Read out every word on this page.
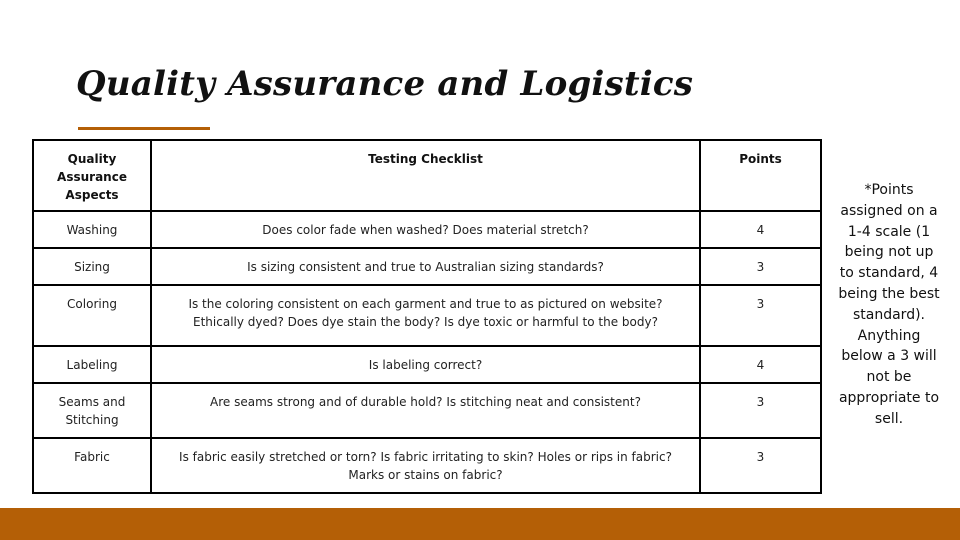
Quality Assurance and Logistics
Quality Assurance Aspects	Testing Checklist	Points
Washing	Does color fade when washed? Does material stretch?	4
Sizing	Is sizing consistent and true to Australian sizing standards?	3
Coloring	Is the coloring consistent on each garment and true to as pictured on website? Ethically dyed? Does dye stain the body? Is dye toxic or harmful to the body?	3
Labeling	Is labeling correct?	4
Seams and Stitching	Are seams strong and of durable hold? Is stitching neat and consistent?	3
Fabric	Is fabric easily stretched or torn? Is fabric irritating to skin? Holes or rips in fabric? Marks or stains on fabric?	3
*Points assigned on a 1-4 scale (1 being not up to standard, 4 being the best standard). Anything below a 3 will not be appropriate to sell.
